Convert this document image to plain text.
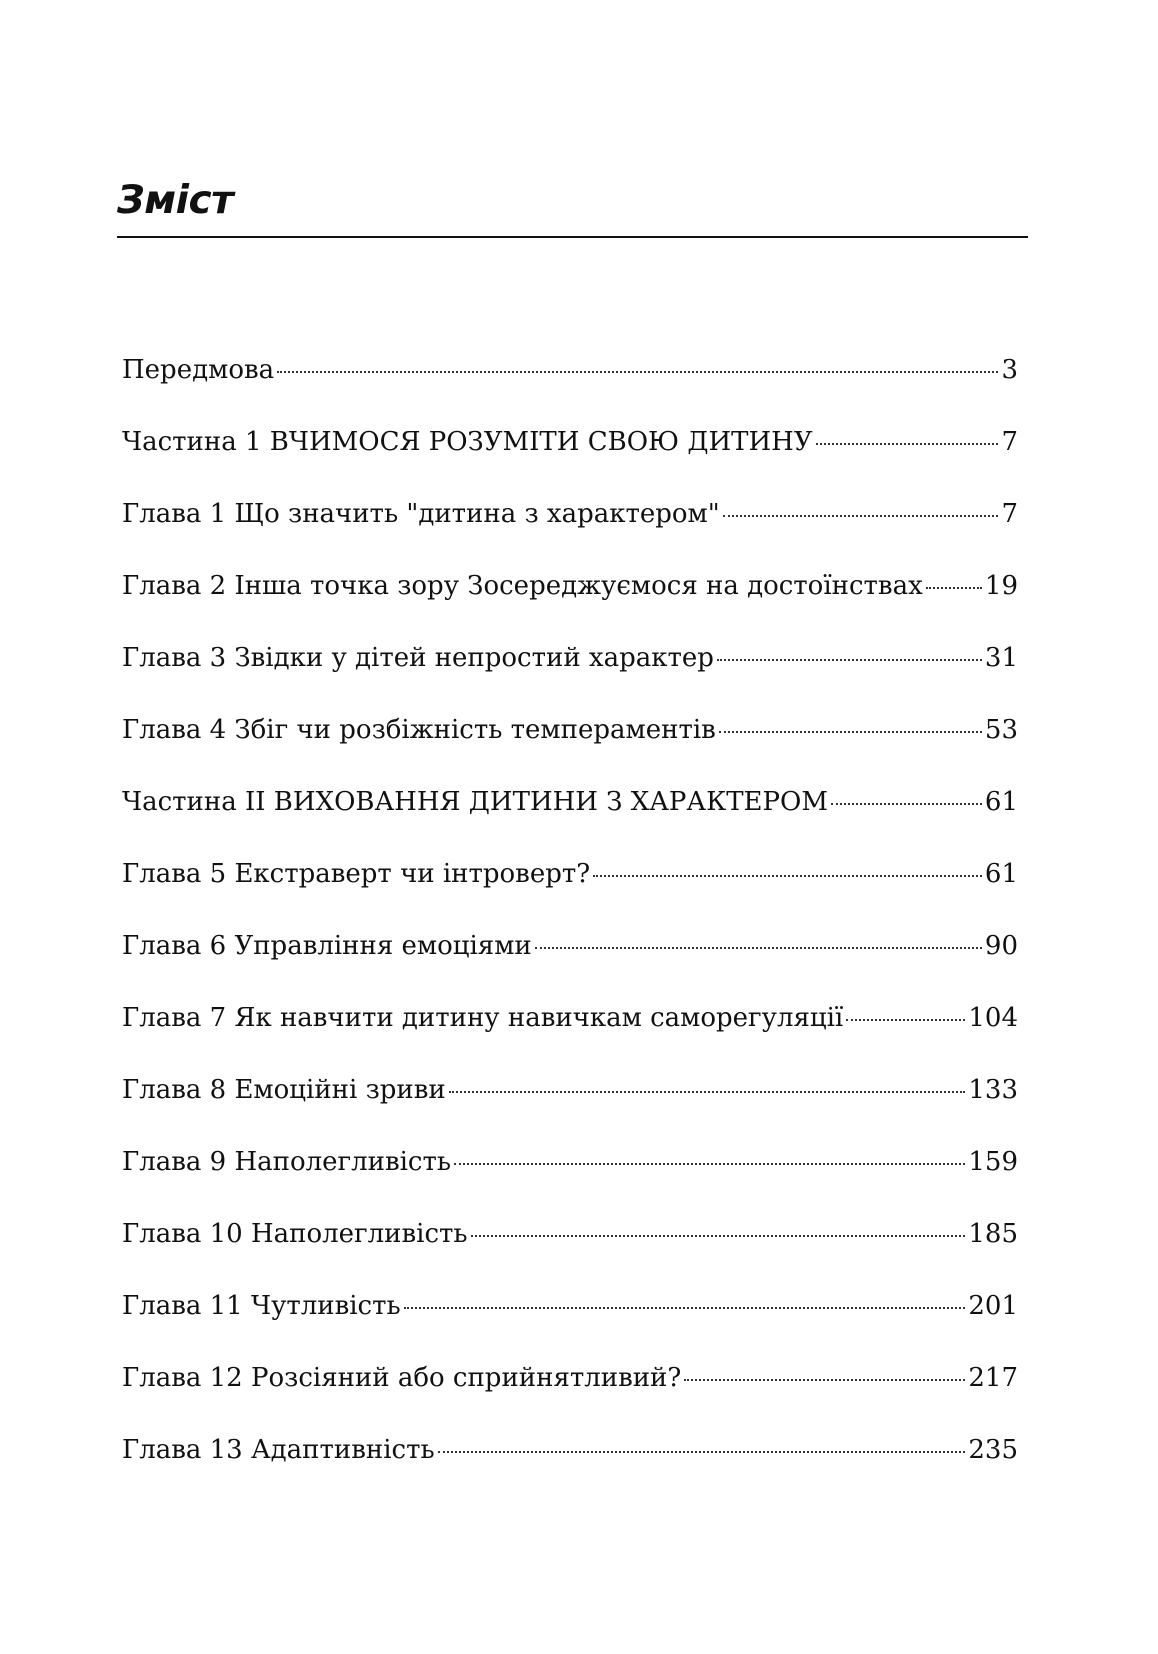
Зміст
Передмова	3
Частина 1 ВЧИМОСЯ РОЗУМІТИ СВОЮ ДИТИНУ	7
Глава 1 Що значить "дитина з характером"	7
Глава 2 Інша точка зору Зосереджуємося на достоїнствах 19
Глава 3 Звідки у дітей непростий характер	31
Глава 4 Збіг чи розбіжність темпераментів	53
Частина II ВИХОВАННЯ ДИТИНИ З ХАРАКТЕРОМ	61
Глава 5 Екстраверт чи інтроверт?	61
Глава 6 Управління емоціями	90
Глава 7 Як навчити дитину навичкам саморегуляції	104
Глава 8 Емоційні зриви	133
Глава 9 Наполегливість	159
Глава 10 Наполегливість	185
Глава 11 Чутливість	201
Глава 12 Розсіяний або сприйнятливий?	217
Глава 13 Адаптивність	235
